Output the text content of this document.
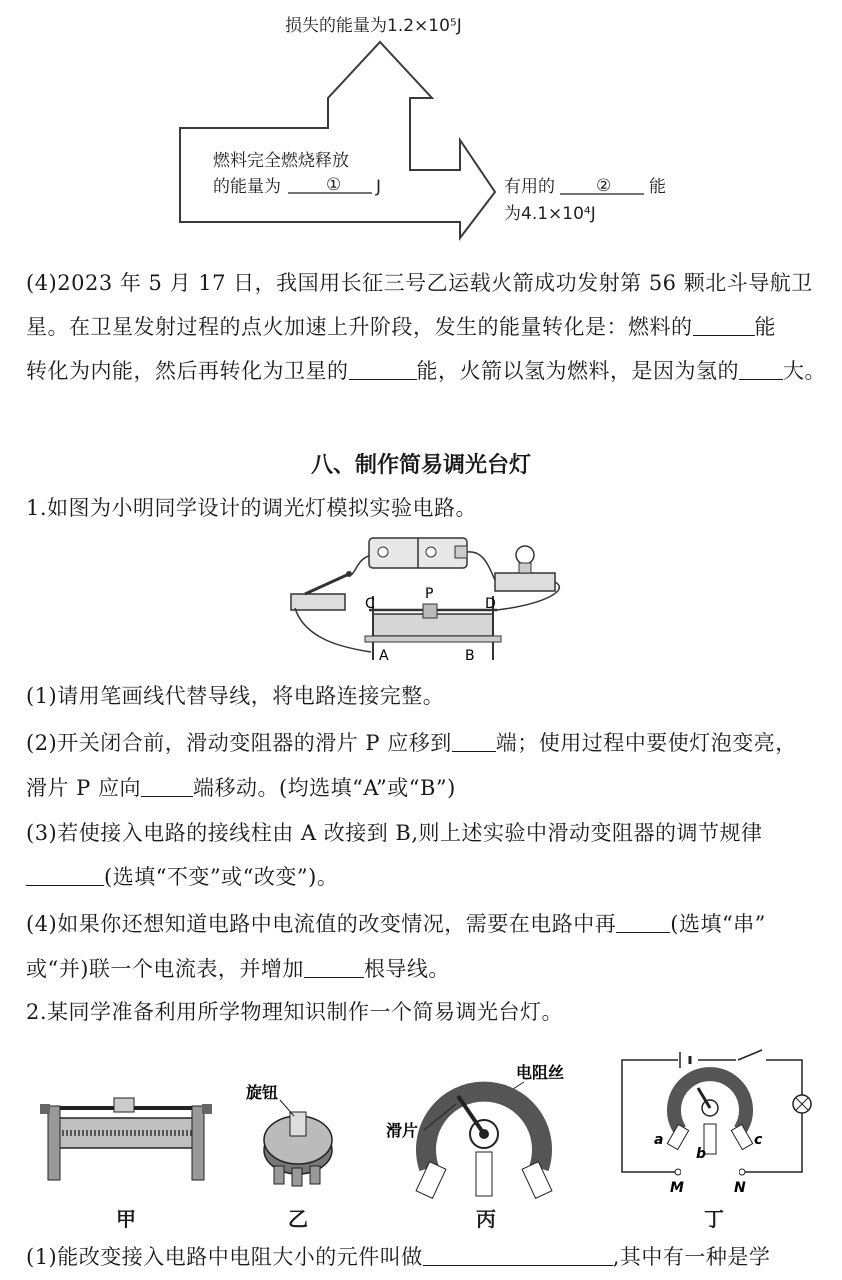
损失的能量为1.2×10⁵J
燃料完全燃烧释放
的能量为	① J	有用的 ② 能
为4.1×10⁴J
(4)2023 年 5 月 17 日，我国用长征三号乙运载火箭成功发射第 56 颗北斗导航卫
星。在卫星发射过程的点火加速上升阶段，发生的能量转化是：燃料的	能
转化为内能，然后再转化为卫星的	能，火箭以氢为燃料，是因为氢的 大。
八、制作简易调光台灯
1.如图为小明同学设计的调光灯模拟实验电路。
C
P
D
A	B
(1)请用笔画线代替导线，将电路连接完整。
(2)开关闭合前，滑动变阻器的滑片 P 应移到 端；使用过程中要使灯泡变亮，
滑片 P 应向 端移动。(均选填“A”或“B”)
(3)若使接入电路的接线柱由 A 改接到 B,则上述实验中滑动变阻器的调节规律
(选填“不变”或“改变”)。
(4)如果你还想知道电路中电流值的改变情况，需要在电路中再	(选填“串”
或“并)联一个电流表，并增加	根导线。
2.某同学准备利用所学物理知识制作一个简易调光台灯。
旋钮
电阻丝
滑片	a
b
c
M	N
甲	乙	丙	丁
(1)能改变接入电路中电阻大小的元件叫做	,其中有一种是学
